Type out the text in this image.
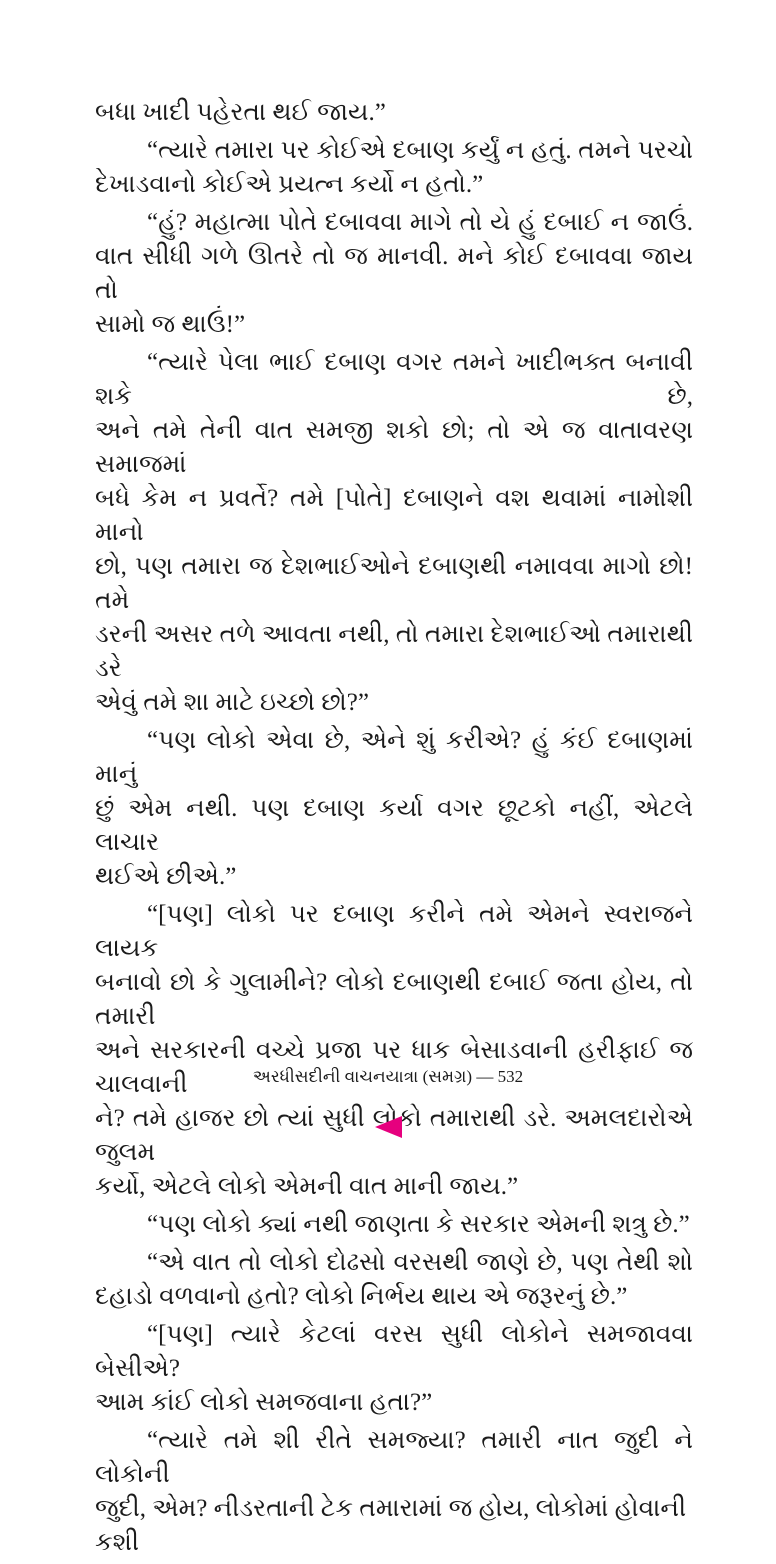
બધા ખાદી પહેરતા થઈ જાય.”
“ત્યારે તમારા પર કોઈએ દબાણ કર્યું ન હતું. તમને પરચો
દેખાડવાનો કોઈએ પ્રયત્ન કર્યો ન હતો.”
“હું? મહાત્મા પોતે દબાવવા માગે તો યે હું દબાઈ ન જાઉં.
વાત સીધી ગળે ઊતરે તો જ માનવી. મને કોઈ દબાવવા જાય તો
સામો જ થાઉં!”
“ત્યારે પેલા ભાઈ દબાણ વગર તમને ખાદીભક્ત બનાવી શકે છે,
અને તમે તેની વાત સમજી શકો છો; તો એ જ વાતાવરણ સમાજમાં
બધે કેમ ન પ્રવર્તે? તમે [પોતે] દબાણને વશ થવામાં નામોશી માનો
છો, પણ તમારા જ દેશભાઈઓને દબાણથી નમાવવા માગો છો! તમે
ડરની અસર તળે આવતા નથી, તો તમારા દેશભાઈઓ તમારાથી ડરે
એવું તમે શા માટે ઇચ્છો છો?”
“પણ લોકો એવા છે, એને શું કરીએ? હું કંઈ દબાણમાં માનું
છું એમ નથી. પણ દબાણ કર્યા વગર છૂટકો નહીં, એટલે લાચાર
થઈએ છીએ.”
“[પણ] લોકો પર દબાણ કરીને તમે એમને સ્વરાજને લાયક
બનાવો છો કે ગુલામીને? લોકો દબાણથી દબાઈ જતા હોય, તો તમારી
અને સરકારની વચ્ચે પ્રજા પર ધાક બેસાડવાની હરીફાઈ જ ચાલવાની
ને? તમે હાજર છો ત્યાં સુધી લોકો તમારાથી ડરે. અમલદારોએ જુલમ
કર્યો, એટલે લોકો એમની વાત માની જાય.”
“પણ લોકો ક્યાં નથી જાણતા કે સરકાર એમની શત્રુ છે.”
“એ વાત તો લોકો દોઢસો વરસથી જાણે છે, પણ તેથી શો
દહાડો વળવાનો હતો? લોકો નિર્ભય થાય એ જરૂરનું છે.”
“[પણ] ત્યારે કેટલાં વરસ સુધી લોકોને સમજાવવા બેસીએ?
આમ કાંઈ લોકો સમજવાના હતા?”
“ત્યારે તમે શી રીતે સમજ્યા? તમારી નાત જુદી ને લોકોની
જુદી, એમ? નીડરતાની ટેક તમારામાં જ હોય, લોકોમાં હોવાની કશી
અરધીસદીની વાચનયાત્રા (સમગ્ર) — 532
